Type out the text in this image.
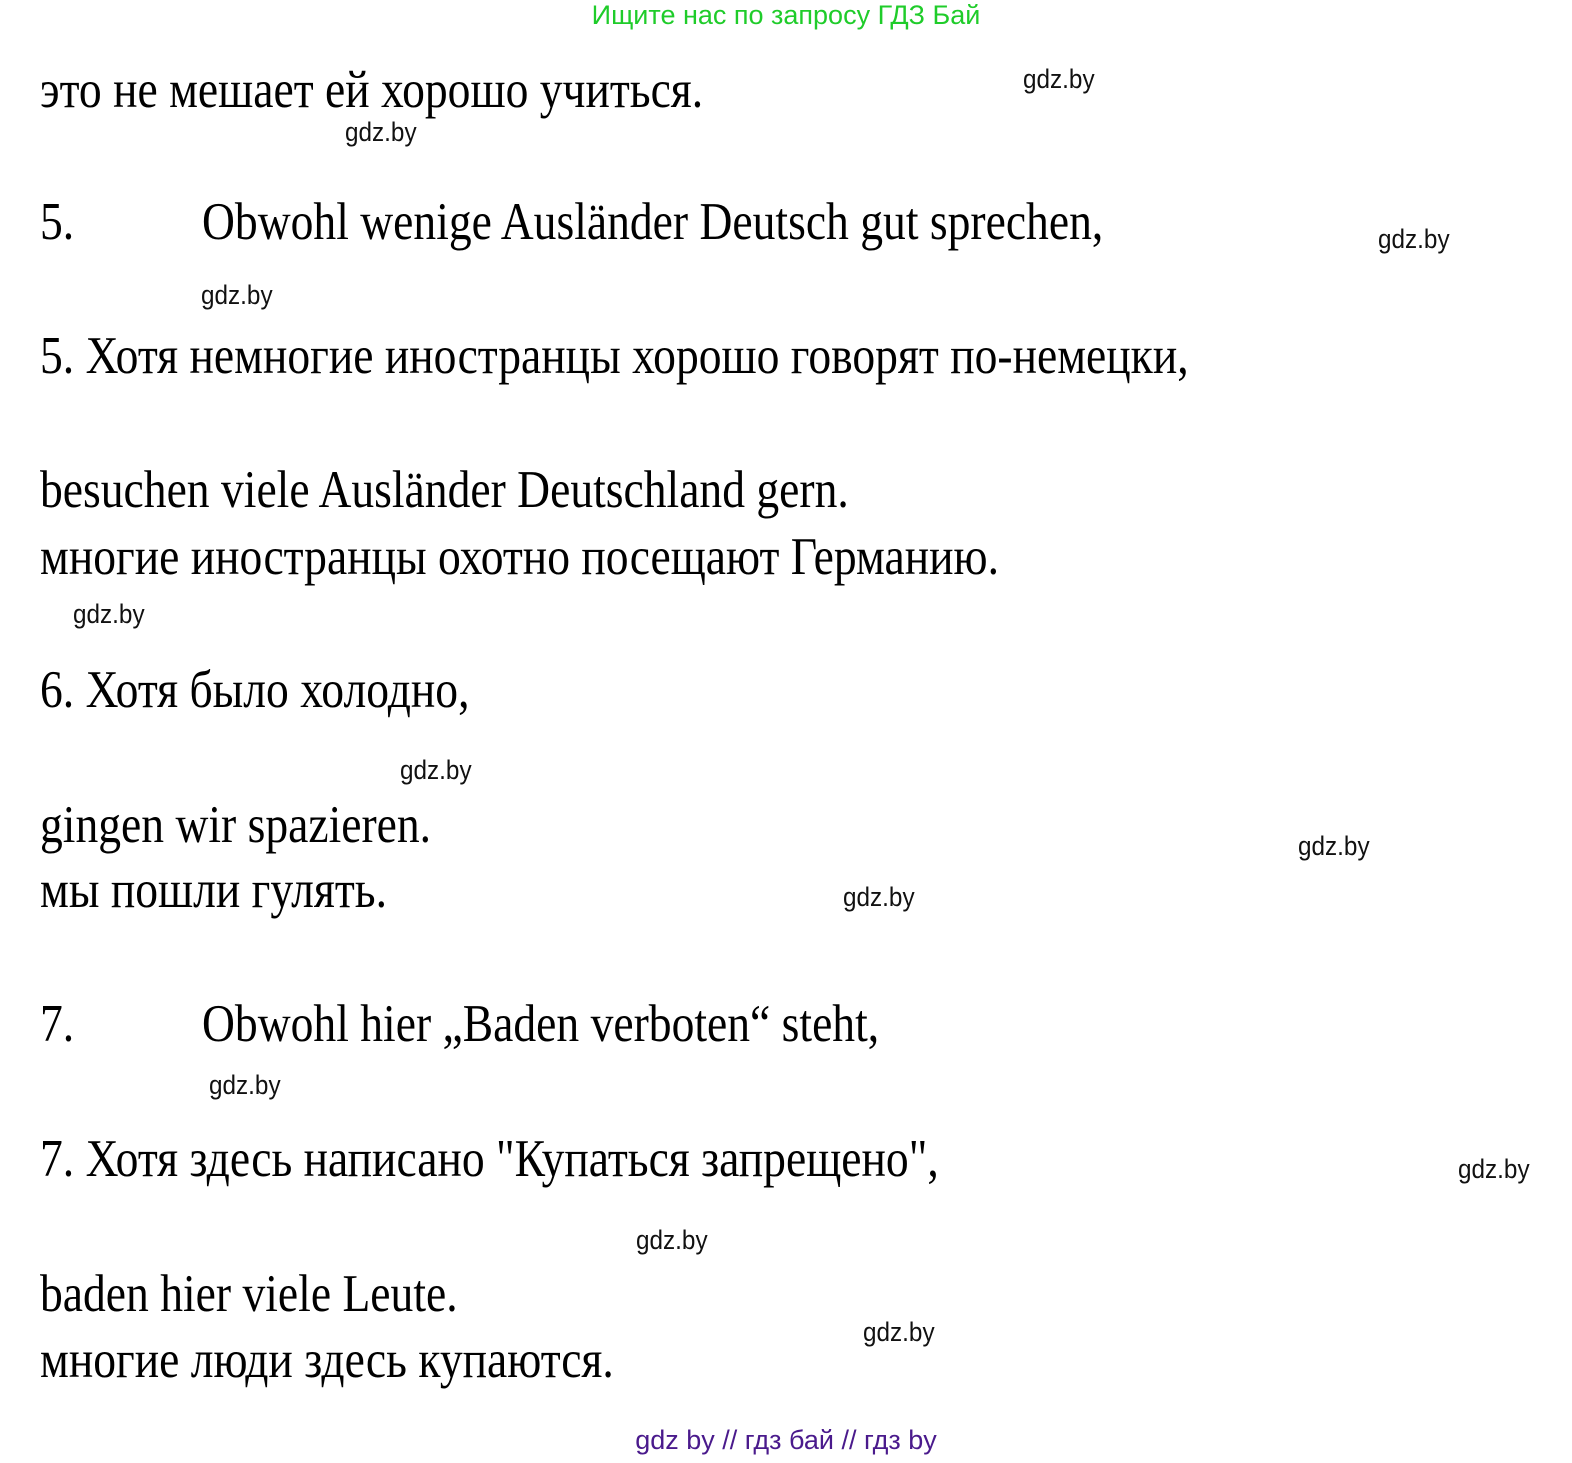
Ищите нас по запросу ГДЗ Бай
это не мешает ей хорошо учиться.
5. Obwohl wenige Ausländer Deutsch gut sprechen,
5. Хотя немногие иностранцы хорошо говорят по-немецки,
besuchen viele Ausländer Deutschland gern.
многие иностранцы охотно посещают Германию.
6. Хотя было холодно,
gingen wir spazieren.
мы пошли гулять.
7. Obwohl hier „Baden verboten“ steht,
7. Хотя здесь написано "Купаться запрещено",
baden hier viele Leute.
многие люди здесь купаются.
gdz.by
gdz.by
gdz.by
gdz.by
gdz.by
gdz.by
gdz.by
gdz.by
gdz.by
gdz.by
gdz.by
gdz.by
gdz by // гдз бай // гдз by
